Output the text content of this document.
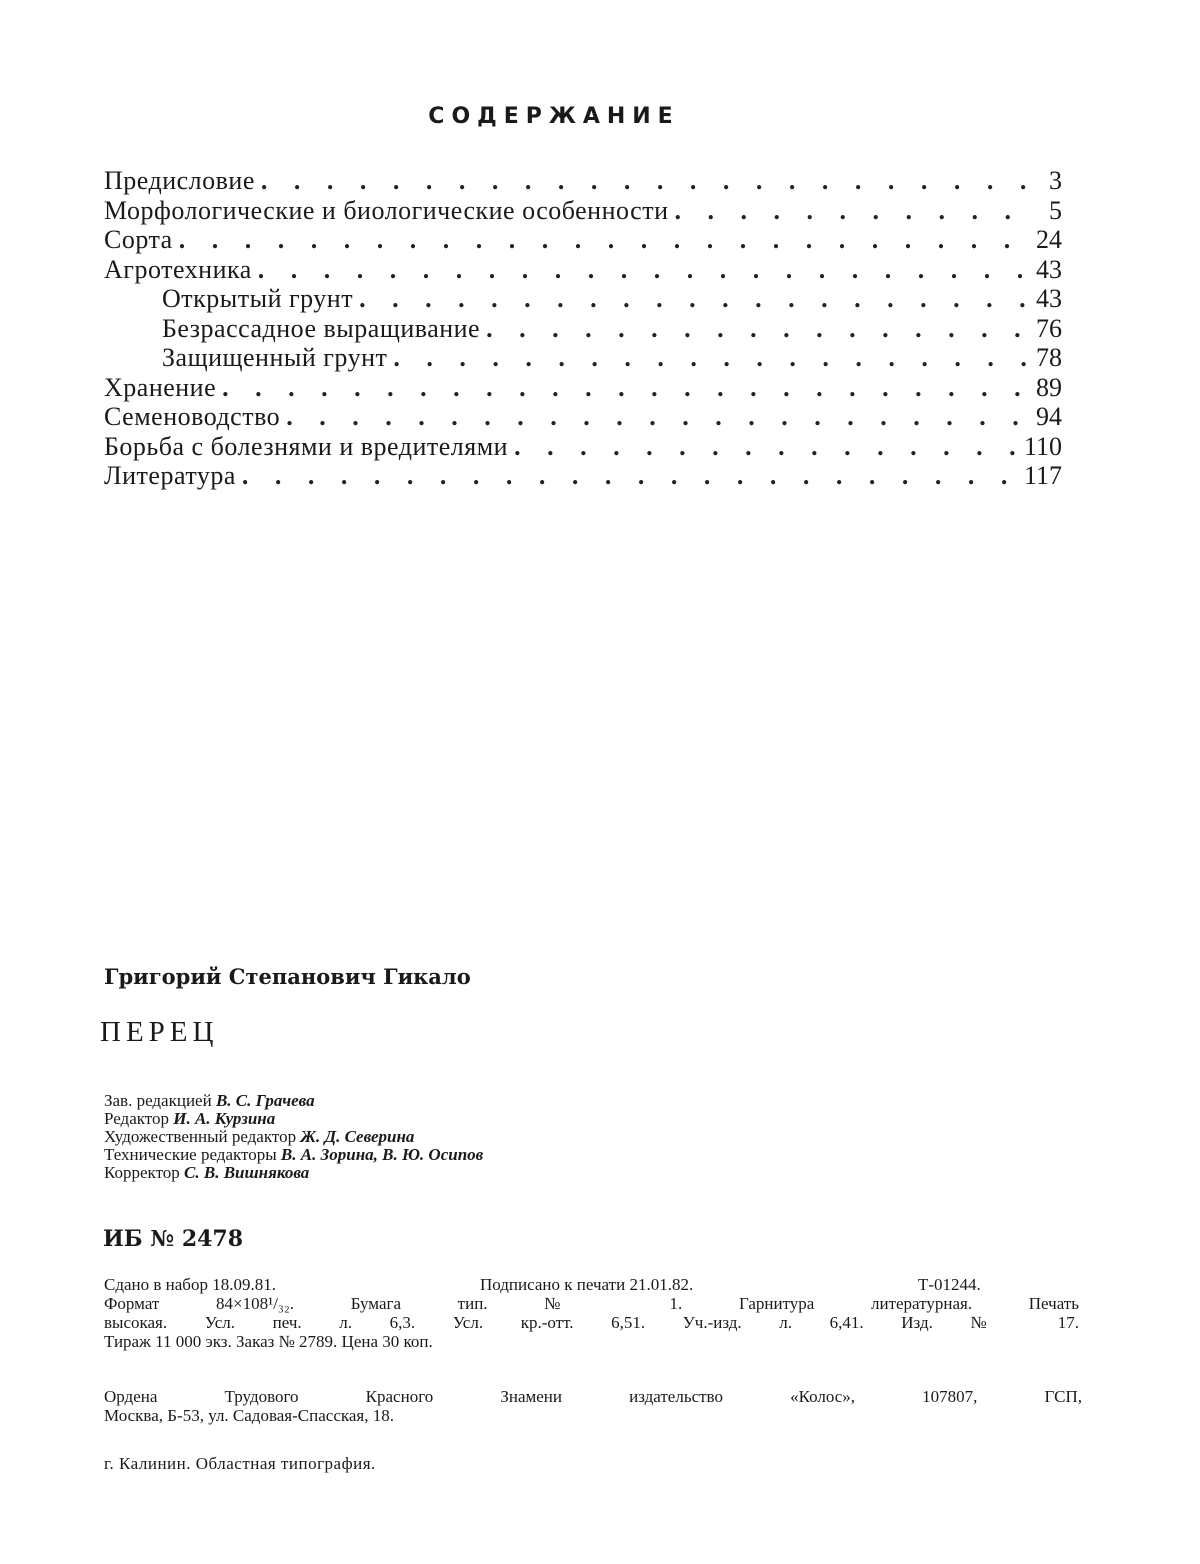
СОДЕРЖАНИЕ
Предисловие . . .	3
Морфологические и биологические особенности . . .	5
Сорта . . .	24
Агротехника . . .	43
Открытый грунт . . .	43
Безрассадное выращивание . . .	76
Защищенный грунт . . .	78
Хранение . . .	89
Семеноводство . . .	94
Борьба с болезнями и вредителями . . .	110
Литература . . .	117
Григорий Степанович Гикало
ПЕРЕЦ
Зав. редакцией В. С. Грачева
Редактор И. А. Курзина
Художественный редактор Ж. Д. Северина
Технические редакторы В. А. Зорина, В. Ю. Осипов
Корректор С. В. Вишнякова
ИБ № 2478
Сдано в набор 18.09.81.	Подписано к печати 21.01.82.	Т-01244.
Формат 84×108¹/₃₂. Бумага тип. № 1. Гарнитура литературная. Печать
высокая. Усл. печ. л. 6,3. Усл. кр.-отт. 6,51. Уч.-изд. л. 6,41. Изд. № 17.
Тираж 11 000 экз. Заказ № 2789. Цена 30 коп.
Ордена Трудового Красного Знамени издательство «Колос», 107807, ГСП,
Москва, Б-53, ул. Садовая-Спасская, 18.
г. Калинин. Областная типография.
